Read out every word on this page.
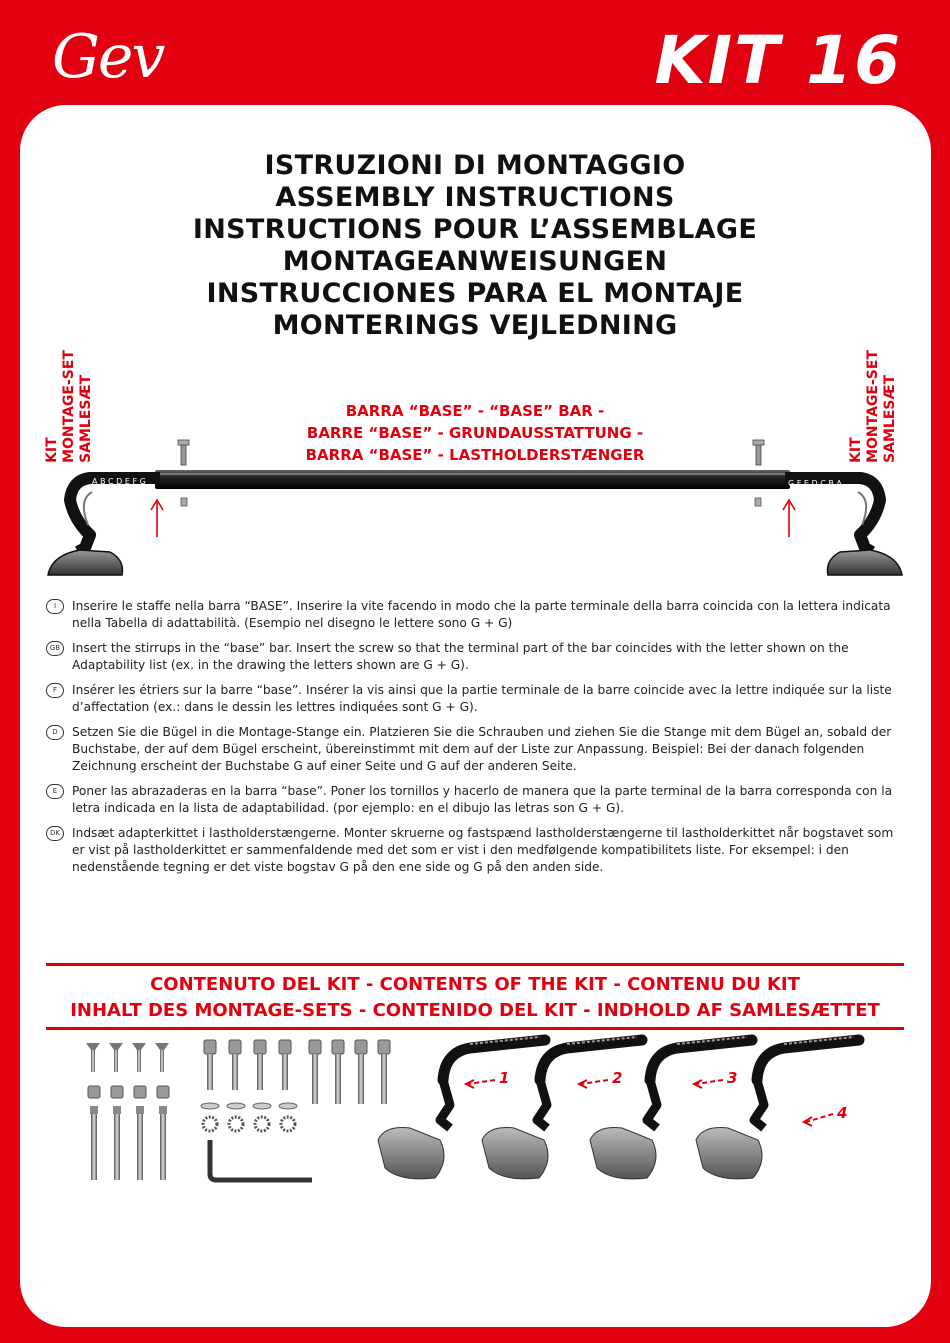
Gev	KIT 16
ISTRUZIONI DI MONTAGGIO
ASSEMBLY INSTRUCTIONS
INSTRUCTIONS POUR L’ASSEMBLAGE
MONTAGEANWEISUNGEN
INSTRUCCIONES PARA EL MONTAJE
MONTERINGS VEJLEDNING
KIT
MONTAGE-SET
SAMLESÆT	KIT
MONTAGE-SET
SAMLESÆT
BARRA “BASE” - “BASE” BAR -
BARRE “BASE” - GRUNDAUSSTATTUNG -
BARRA “BASE” - LASTHOLDERSTÆNGER
A B C D E F G	G F E D C B A
I	Inserire le staffe nella barra “BASE”. Inserire la vite facendo in modo che la parte terminale della barra coincida con la lettera indicata nella Tabella di adattabilità. (Esempio nel disegno le lettere sono G + G)
GB Insert the stirrups in the “base” bar. Insert the screw so that the terminal part of the bar coincides with the letter shown on the Adaptability list (ex. in the drawing the letters shown are G + G).
F	Insérer les étriers sur la barre “base”. Insérer la vis ainsi que la partie terminale de la barre coincide avec la lettre indiquée sur la liste d’affectation (ex.: dans le dessin les lettres indiquées sont G + G).
D	Setzen Sie die Bügel in die Montage-Stange ein. Platzieren Sie die Schrauben und ziehen Sie die Stange mit dem Bügel an, sobald der Buchstabe, der auf dem Bügel erscheint, übereinstimmt mit dem auf der Liste zur Anpassung. Beispiel: Bei der danach folgenden Zeichnung erscheint der Buchstabe G auf einer Seite und G auf der anderen Seite.
E	Poner las abrazaderas en la barra “base”. Poner los tornillos y hacerlo de manera que la parte terminal de la barra corresponda con la letra indicada en la lista de adaptabilidad. (por ejemplo: en el dibujo las letras son G + G).
DK Indsæt adapterkittet i lastholderstængerne. Monter skruerne og fastspænd lastholderstængerne til lastholderkittet når bogstavet som er vist på lastholderkittet er sammenfaldende med det som er vist i den medfølgende kompatibilitets liste. For eksempel: i den nedenstående tegning er det viste bogstav G på den ene side og G på den anden side.
CONTENUTO DEL KIT - CONTENTS OF THE KIT - CONTENU DU KIT
INHALT DES MONTAGE-SETS - CONTENIDO DEL KIT - INDHOLD AF SAMLESÆTTET
1	2	3
4
